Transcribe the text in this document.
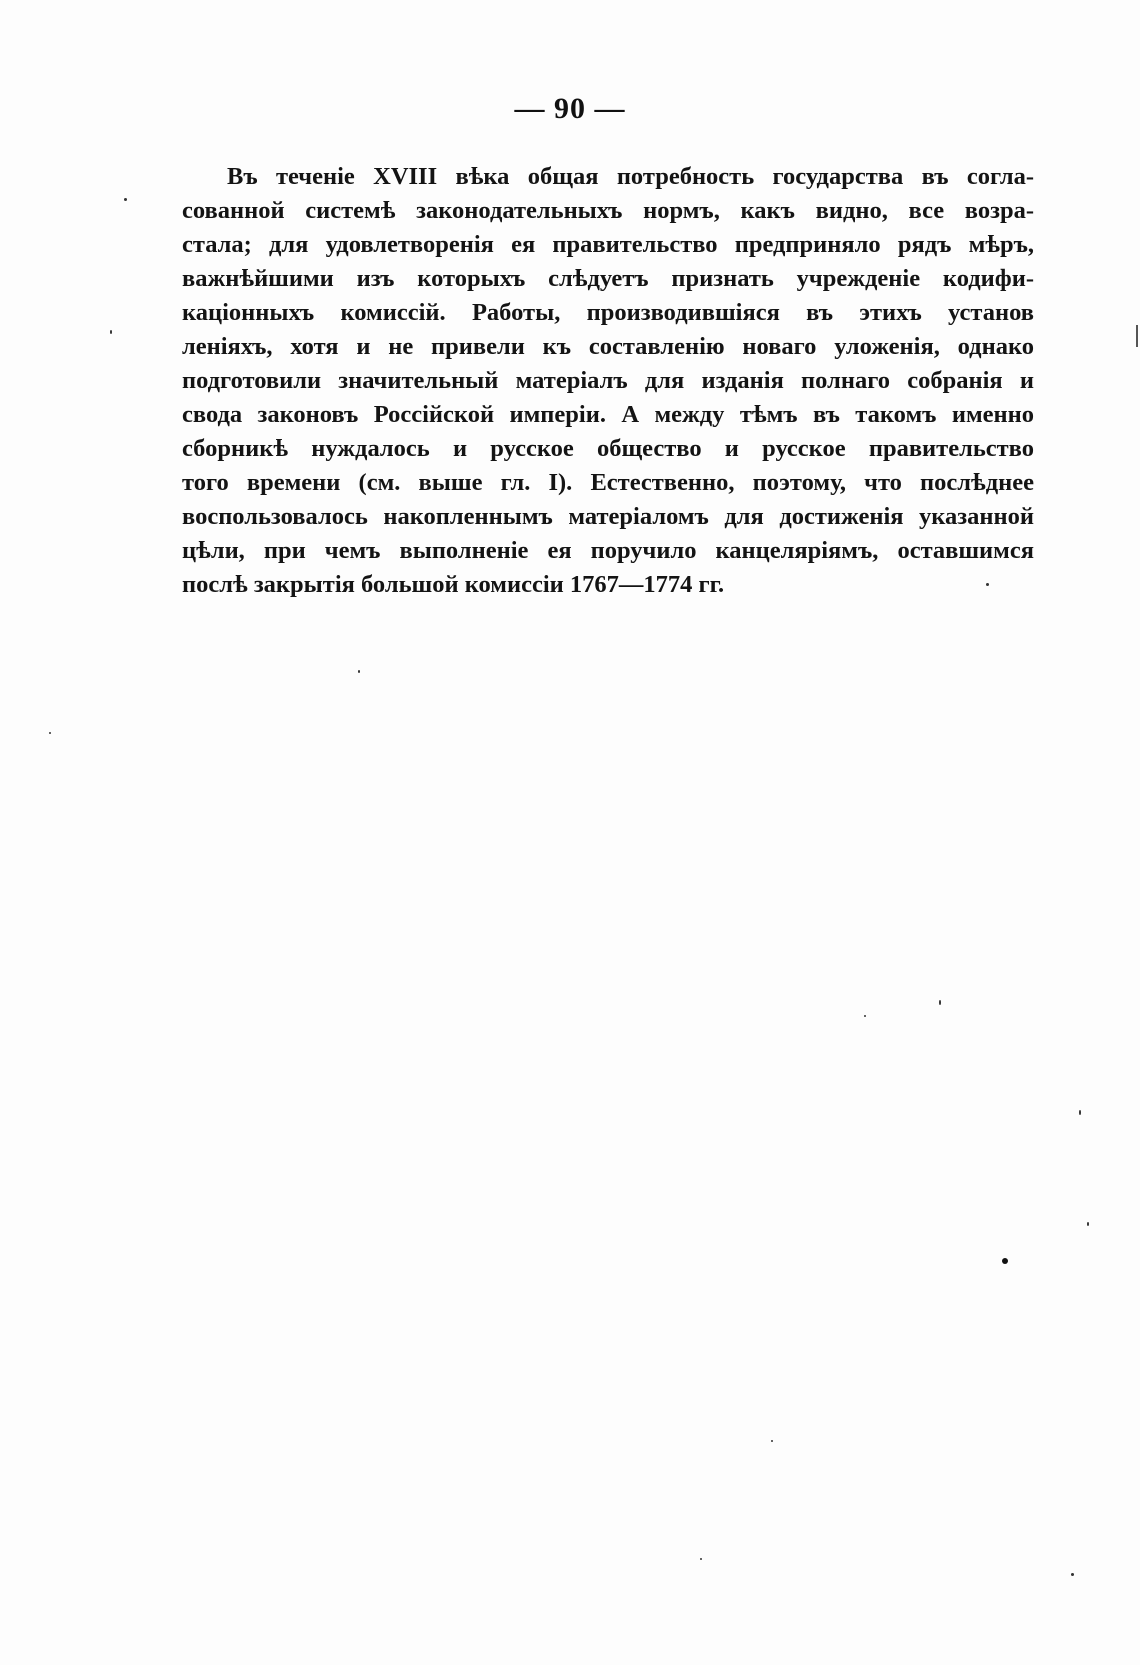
— 90 —
Въ теченіе XVIII вѣка общая потребность государства въ согла-
сованной системѣ законодательныхъ нормъ, какъ видно, все возра-
стала; для удовлетворенія ея правительство предприняло рядъ мѣръ,
важнѣйшими изъ которыхъ слѣдуетъ признать учрежденіе кодифи-
каціонныхъ комиссій. Работы, производившіяся въ этихъ установ
леніяхъ, хотя и не привели къ составленію новаго уложенія, однако
подготовили значительный матеріалъ для изданія полнаго собранія и
свода законовъ Россійской имперіи. А между тѣмъ въ такомъ именно
сборникѣ нуждалось и русское общество и русское правительство
того времени (см. выше гл. I). Естественно, поэтому, что послѣднее
воспользовалось накопленнымъ матеріаломъ для достиженія указанной
цѣли, при чемъ выполненіе ея поручило канцеляріямъ, оставшимся
послѣ закрытія большой комиссіи 1767—1774 гг.
